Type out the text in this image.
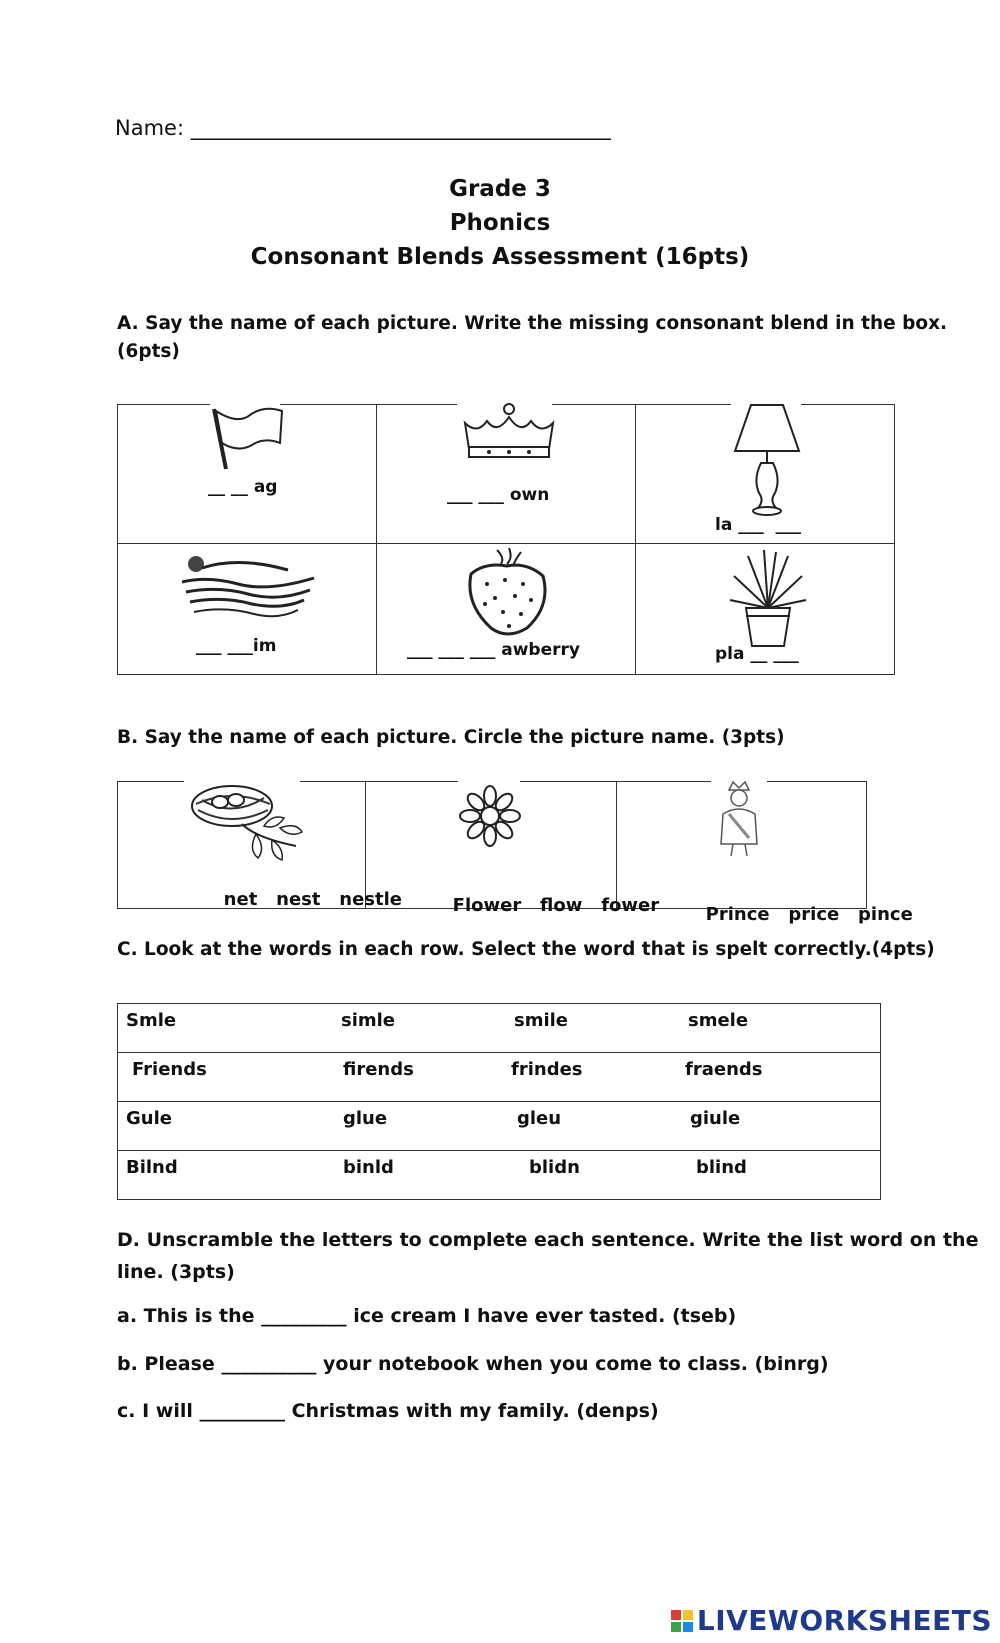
Name: ________________________________________
Grade 3
Phonics
Consonant Blends Assessment (16pts)
A. Say the name of each picture. Write the missing consonant blend in the box.
(6pts)
__ __ ag	___ ___ own	la ___  ___

___ ___im	___ ___ ___ awberry	pla __ ___
B. Say the name of each picture. Circle the picture name. (3pts)

net nest nestle	Flower flow fower	Prince price pince

C. Look at the words in each row. Select the word that is spelt correctly.(4pts)
Smle	simle	smile	smele
Friends	firends	frindes	fraends
Gule	glue	gleu	giule
Bilnd	binld	blidn	blind
D. Unscramble the letters to complete each sentence. Write the list word on the
line. (3pts)
a. This is the _________ ice cream I have ever tasted. (tseb)
b. Please __________ your notebook when you come to class. (binrg)
c. I will _________ Christmas with my family. (denps)
LIVEWORKSHEETS
